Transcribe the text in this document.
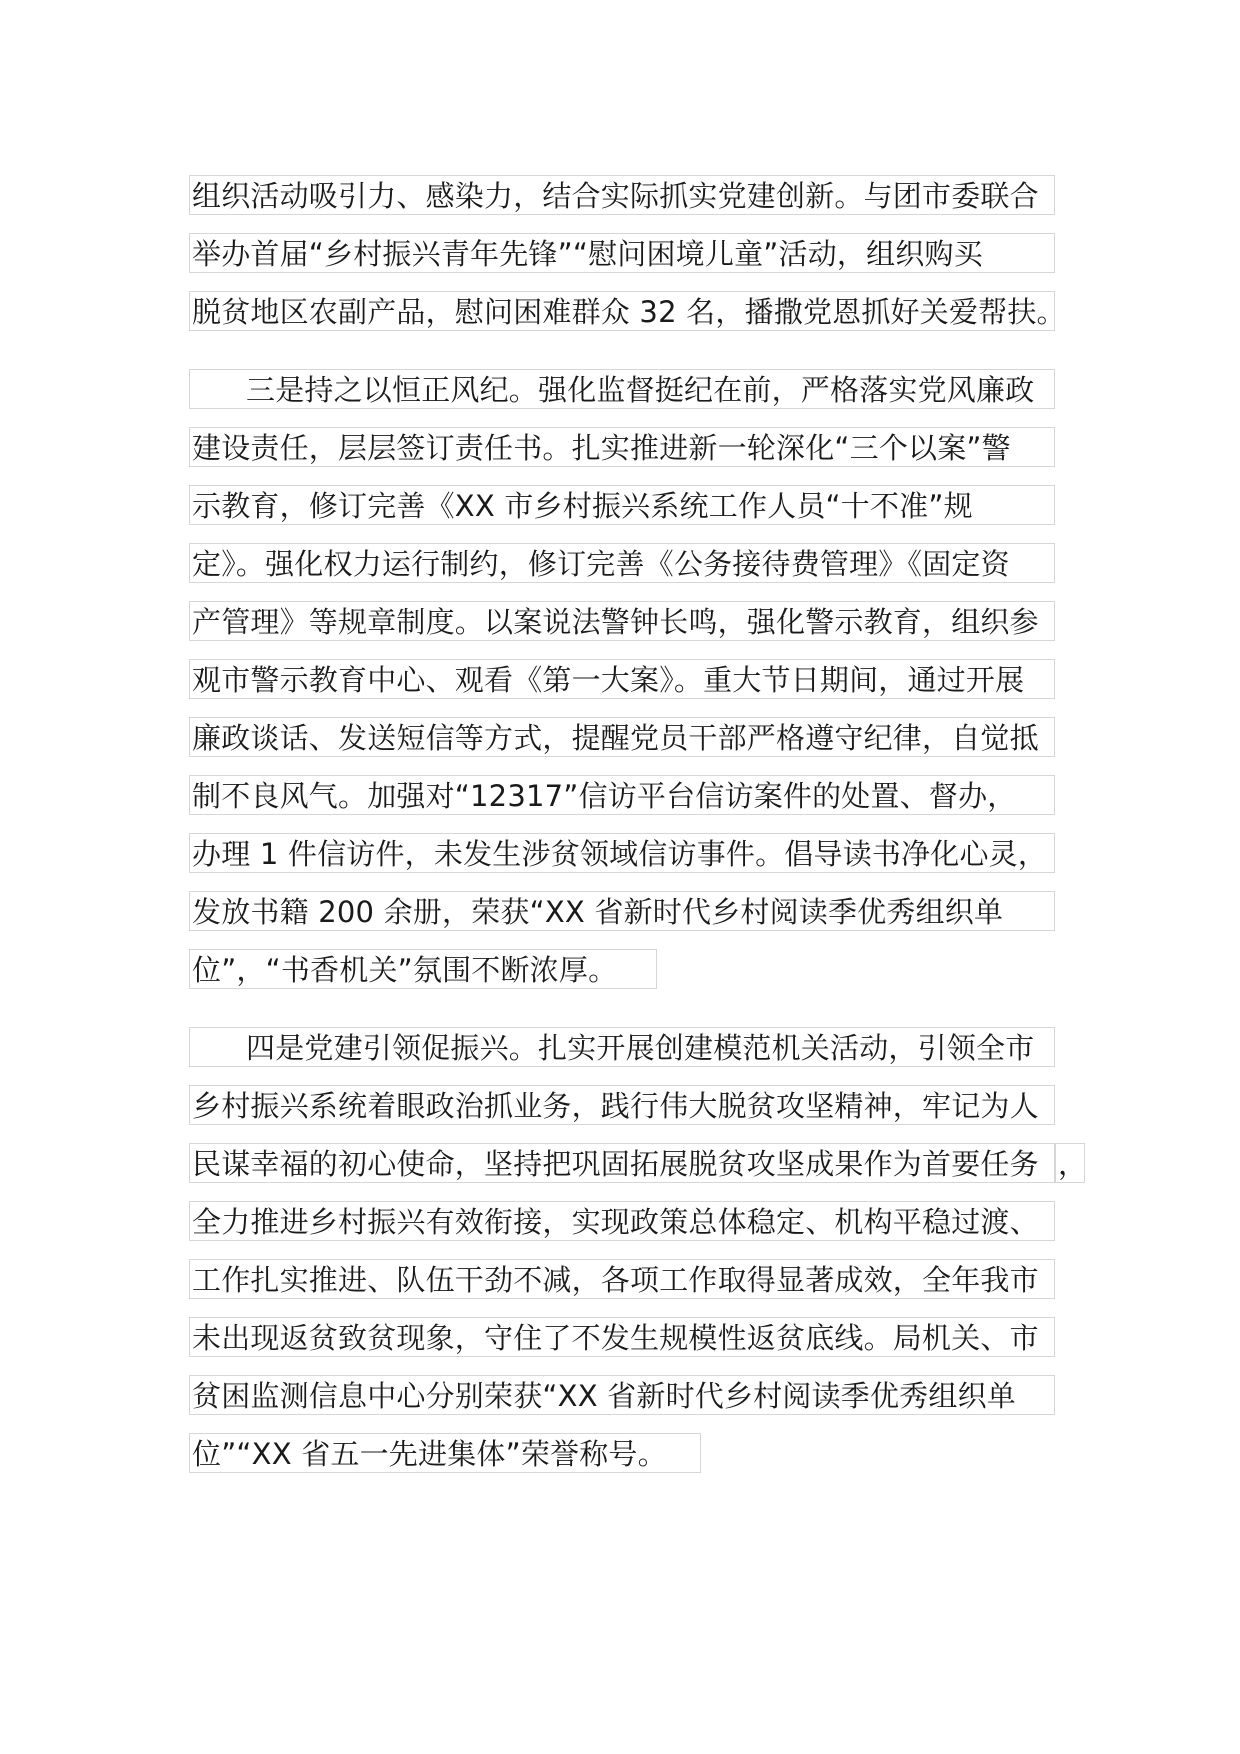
组织活动吸引力、感染力，结合实际抓实党建创新。与团市委联合
举办首届“乡村振兴青年先锋”“慰问困境儿童”活动，组织购买
脱贫地区农副产品，慰问困难群众 32 名，播撒党恩抓好关爱帮扶。
三是持之以恒正风纪。强化监督挺纪在前，严格落实党风廉政
建设责任，层层签订责任书。扎实推进新一轮深化“三个以案”警
示教育，修订完善《XX 市乡村振兴系统工作人员“十不准”规
定》。强化权力运行制约，修订完善《公务接待费管理》《固定资
产管理》等规章制度。以案说法警钟长鸣，强化警示教育，组织参
观市警示教育中心、观看《第一大案》。重大节日期间，通过开展
廉政谈话、发送短信等方式，提醒党员干部严格遵守纪律，自觉抵
制不良风气。加强对“12317”信访平台信访案件的处置、督办，
办理 1 件信访件，未发生涉贫领域信访事件。倡导读书净化心灵，
发放书籍 200 余册，荣获“XX 省新时代乡村阅读季优秀组织单
位”，“书香机关”氛围不断浓厚。
四是党建引领促振兴。扎实开展创建模范机关活动，引领全市
乡村振兴系统着眼政治抓业务，践行伟大脱贫攻坚精神，牢记为人
民谋幸福的初心使命，坚持把巩固拓展脱贫攻坚成果作为首要任务 ，
全力推进乡村振兴有效衔接，实现政策总体稳定、机构平稳过渡、
工作扎实推进、队伍干劲不减，各项工作取得显著成效，全年我市
未出现返贫致贫现象，守住了不发生规模性返贫底线。局机关、市
贫困监测信息中心分别荣获“XX 省新时代乡村阅读季优秀组织单
位”“XX 省五一先进集体”荣誉称号。
